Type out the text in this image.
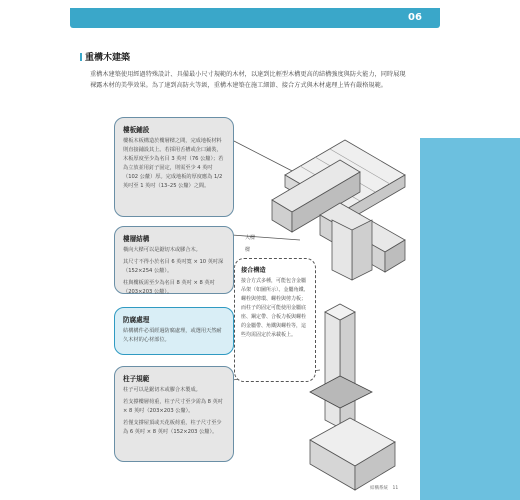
06
重構木建築
重構木建築使用經過特殊設計、具備最小尺寸規範的木材，以達到比輕型木構更高的結構強度與防火能力，同時展現裸露木材的美學效果。為了達到高防火等級，重構木建築在施工細節、接合方式與木材處理上皆有嚴格規範。
樓板鋪設

樓板木板構造於樓層樑之間，完成地板材料則直接鋪設其上。若採用舌槽或企口鋪裝，木板厚度至少為名目 3 英吋（76 公釐）；若為立放並用釘子固定，則需至少 4 英吋（102 公釐）厚。完成地板的厚度應為 1/2 英吋至 1 英吋（13–25 公釐）之間。

樓層結構

橫向大樑可以是鋸切木或膠合木。

其尺寸不得小於名目 6 英吋寬 × 10 英吋深（152×254 公釐）。

柱與樓板需至少為名目 8 英吋 × 8 英吋（203×203 公釐）。

防腐處理

結構構件必須經過防腐處理，或選用天然耐久木材的心材部位。

柱子規範

柱子可以是鋸切木或膠合木製成。

若支撐樓層荷重，柱子尺寸至少需為 8 英吋 × 8 英吋（203×203 公釐）。

若僅支撐屋頂或天花板荷重，柱子尺寸至少為 6 英吋 × 8 英吋（152×203 公釐）。

接合構造

接合方式多種，可能包含金屬吊架（如圖所示）、金屬角鐵、螺栓與剪環、螺栓與剪力板；而柱子的固定可能使用金屬底座、鋼定帶、合板力板與螺栓的金屬帶、角鐵與螺栓等，這些均需固定於承載板上。

大樑
樑
結構系統　11
